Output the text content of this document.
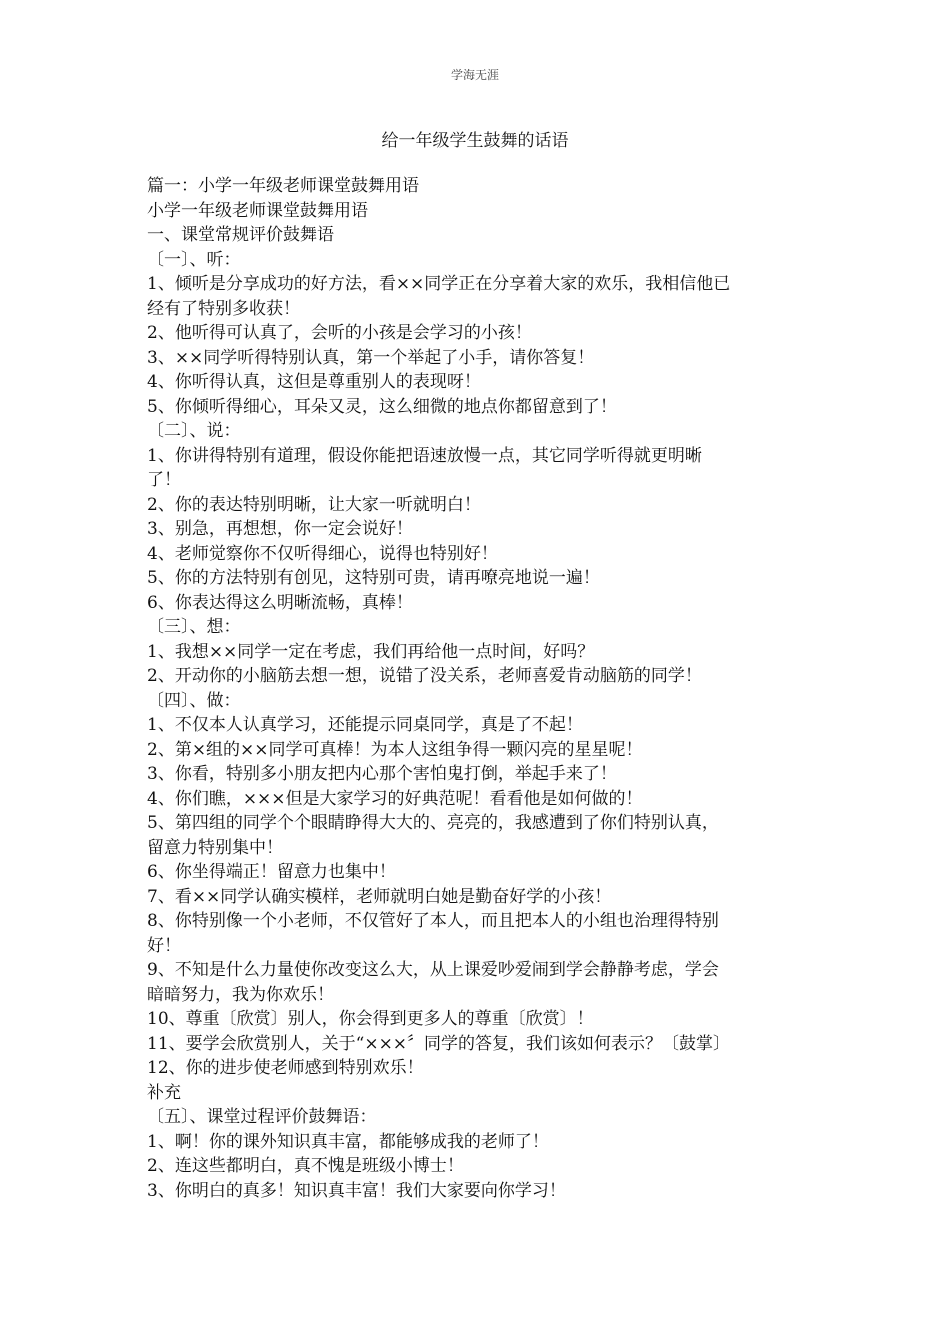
学海无涯
给一年级学生鼓舞的话语
篇一：小学一年级老师课堂鼓舞用语
小学一年级老师课堂鼓舞用语
一、课堂常规评价鼓舞语
〔一〕、听：
1、倾听是分享成功的好方法，看××同学正在分享着大家的欢乐，我相信他已
经有了特别多收获！
2、他听得可认真了，会听的小孩是会学习的小孩！
3、××同学听得特别认真，第一个举起了小手，请你答复！
4、你听得认真，这但是尊重别人的表现呀！
5、你倾听得细心，耳朵又灵，这么细微的地点你都留意到了！
〔二〕、说：
1、你讲得特别有道理，假设你能把语速放慢一点，其它同学听得就更明晰
了！
2、你的表达特别明晰，让大家一听就明白！
3、别急，再想想，你一定会说好！
4、老师觉察你不仅听得细心，说得也特别好！
5、你的方法特别有创见，这特别可贵，请再嘹亮地说一遍！
6、你表达得这么明晰流畅，真棒！
〔三〕、想：
1、我想××同学一定在考虑，我们再给他一点时间，好吗？
2、开动你的小脑筋去想一想，说错了没关系，老师喜爱肯动脑筋的同学！
〔四〕、做：
1、不仅本人认真学习，还能提示同桌同学，真是了不起！
2、第×组的××同学可真棒！为本人这组争得一颗闪亮的星星呢！
3、你看，特别多小朋友把内心那个害怕鬼打倒，举起手来了！
4、你们瞧，×××但是大家学习的好典范呢！看看他是如何做的！
5、第四组的同学个个眼睛睁得大大的、亮亮的，我感遭到了你们特别认真，
留意力特别集中！
6、你坐得端正！留意力也集中！
7、看××同学认确实模样，老师就明白她是勤奋好学的小孩！
8、你特别像一个小老师，不仅管好了本人，而且把本人的小组也治理得特别
好！
9、不知是什么力量使你改变这么大，从上课爱吵爱闹到学会静静考虑，学会
暗暗努力，我为你欢乐！
10、尊重〔欣赏〕别人，你会得到更多人的尊重〔欣赏〕！
11、要学会欣赏别人，关于“×××〞同学的答复，我们该如何表示？〔鼓掌〕
12、你的进步使老师感到特别欢乐！
补充
〔五〕、课堂过程评价鼓舞语：
1、啊！你的课外知识真丰富，都能够成我的老师了！
2、连这些都明白，真不愧是班级小博士！
3、你明白的真多！知识真丰富！我们大家要向你学习！
